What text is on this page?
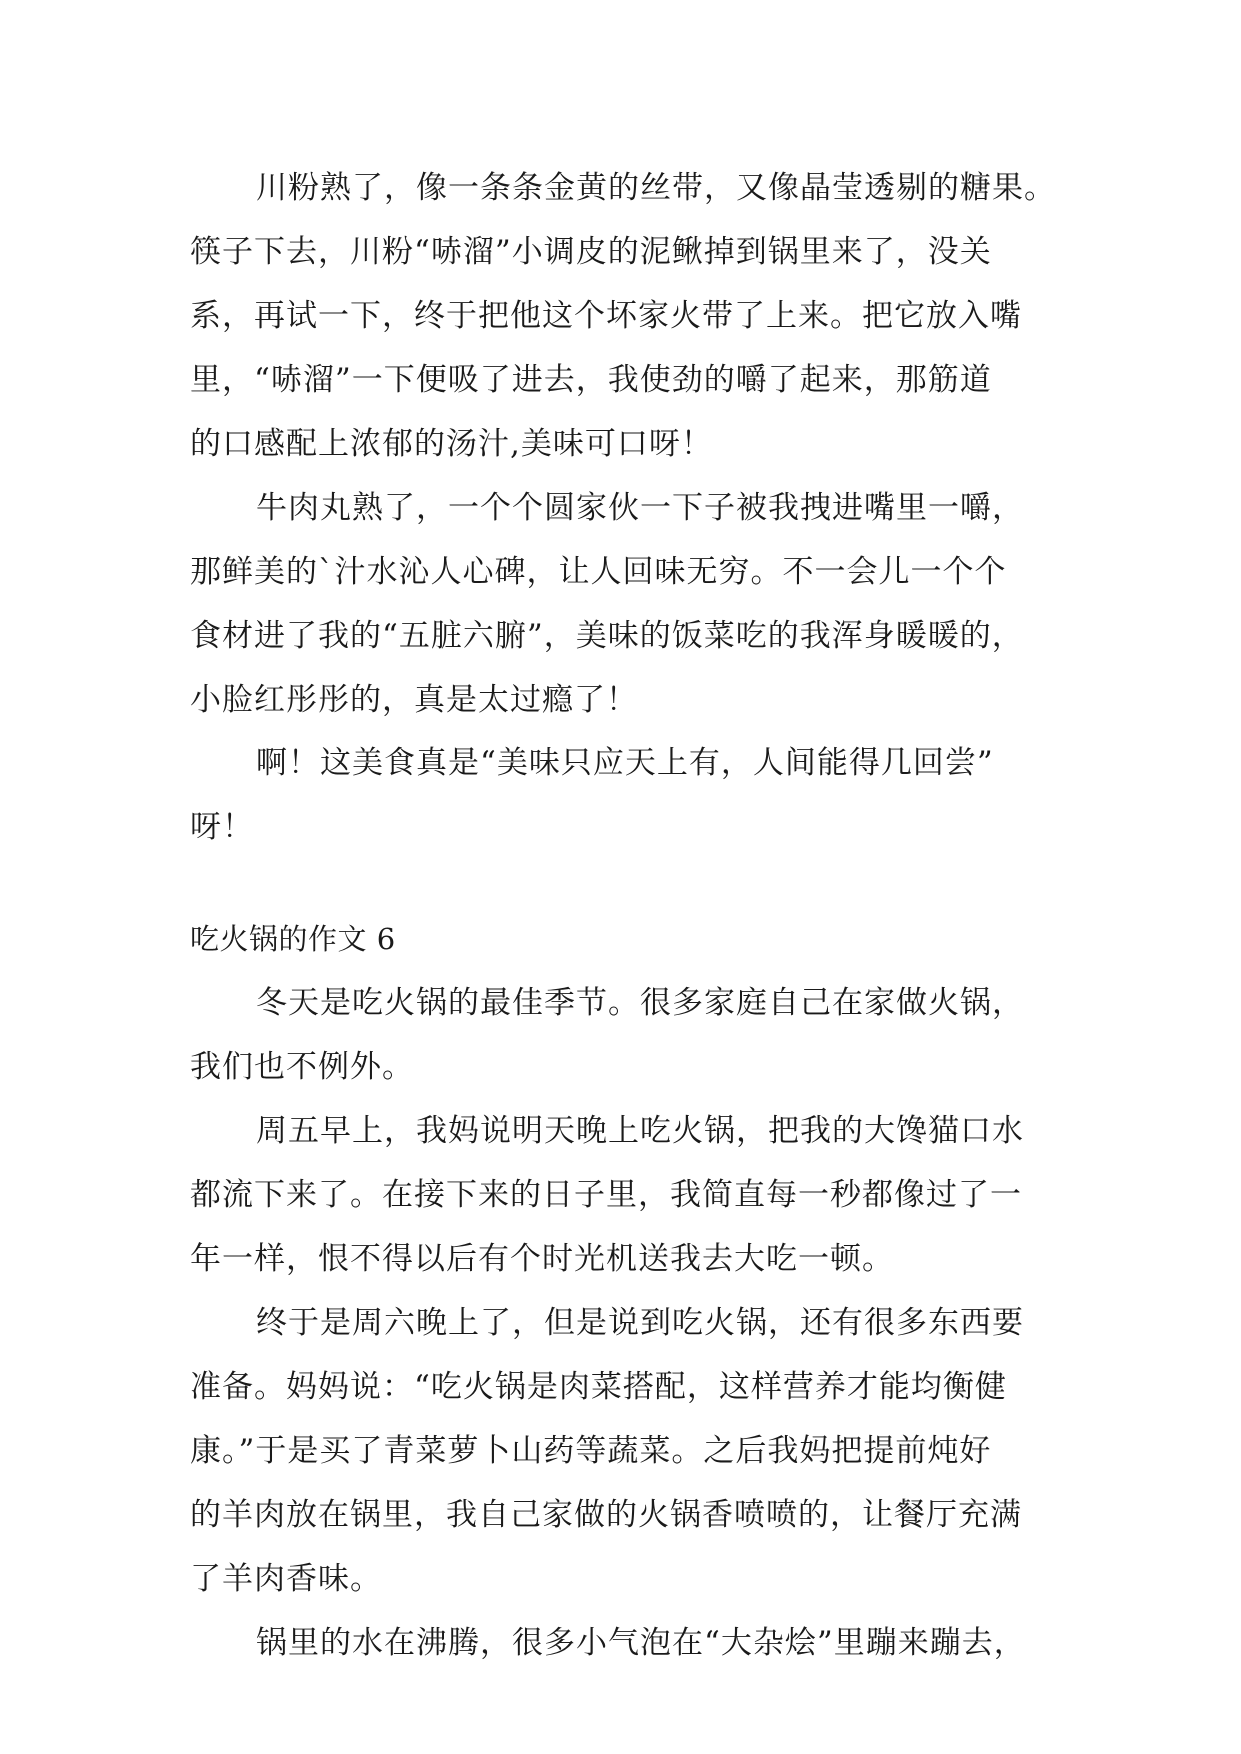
川粉熟了，像一条条金黄的丝带，又像晶莹透剔的糖果。
筷子下去，川粉“哧溜”小调皮的泥鳅掉到锅里来了，没关
系，再试一下，终于把他这个坏家火带了上来。把它放入嘴
里，“哧溜”一下便吸了进去，我使劲的嚼了起来，那筋道
的口感配上浓郁的汤汁,美味可口呀！
牛肉丸熟了，一个个圆家伙一下子被我拽进嘴里一嚼，
那鲜美的`汁水沁人心碑，让人回味无穷。不一会儿一个个
食材进了我的“五脏六腑”，美味的饭菜吃的我浑身暖暖的，
小脸红彤彤的，真是太过瘾了！
啊！这美食真是“美味只应天上有，人间能得几回尝”
呀！
吃火锅的作文 6
冬天是吃火锅的最佳季节。很多家庭自己在家做火锅，
我们也不例外。
周五早上，我妈说明天晚上吃火锅，把我的大馋猫口水
都流下来了。在接下来的日子里，我简直每一秒都像过了一
年一样，恨不得以后有个时光机送我去大吃一顿。
终于是周六晚上了，但是说到吃火锅，还有很多东西要
准备。妈妈说：“吃火锅是肉菜搭配，这样营养才能均衡健
康。”于是买了青菜萝卜山药等蔬菜。之后我妈把提前炖好
的羊肉放在锅里，我自己家做的火锅香喷喷的，让餐厅充满
了羊肉香味。
锅里的水在沸腾，很多小气泡在“大杂烩”里蹦来蹦去，
